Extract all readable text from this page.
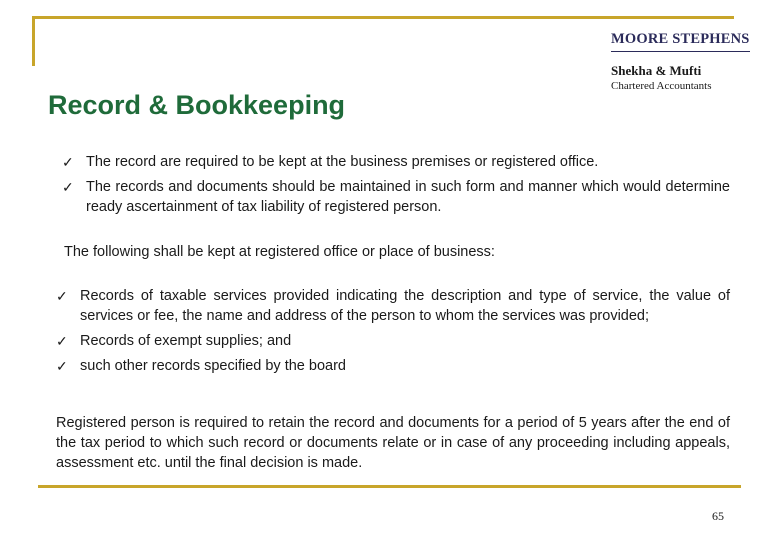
MOORE STEPHENS
Shekha & Mufti
Chartered Accountants
Record & Bookkeeping
✓ The record are required to be kept at the business premises or registered office.
✓ The records and documents should be maintained in such form and manner which would determine ready ascertainment of tax liability of registered person.

The following shall be kept at registered office or place of business:

✓ Records of taxable services provided indicating the description and type of service, the value of services or fee, the name and address of the person to whom the services was provided;
✓ Records of exempt supplies; and
✓ such other records specified by the board

Registered person is required to retain the record and documents for a period of 5 years after the end of the tax period to which such record or documents relate or in case of any proceeding including appeals, assessment etc. until the final decision is made.

65
